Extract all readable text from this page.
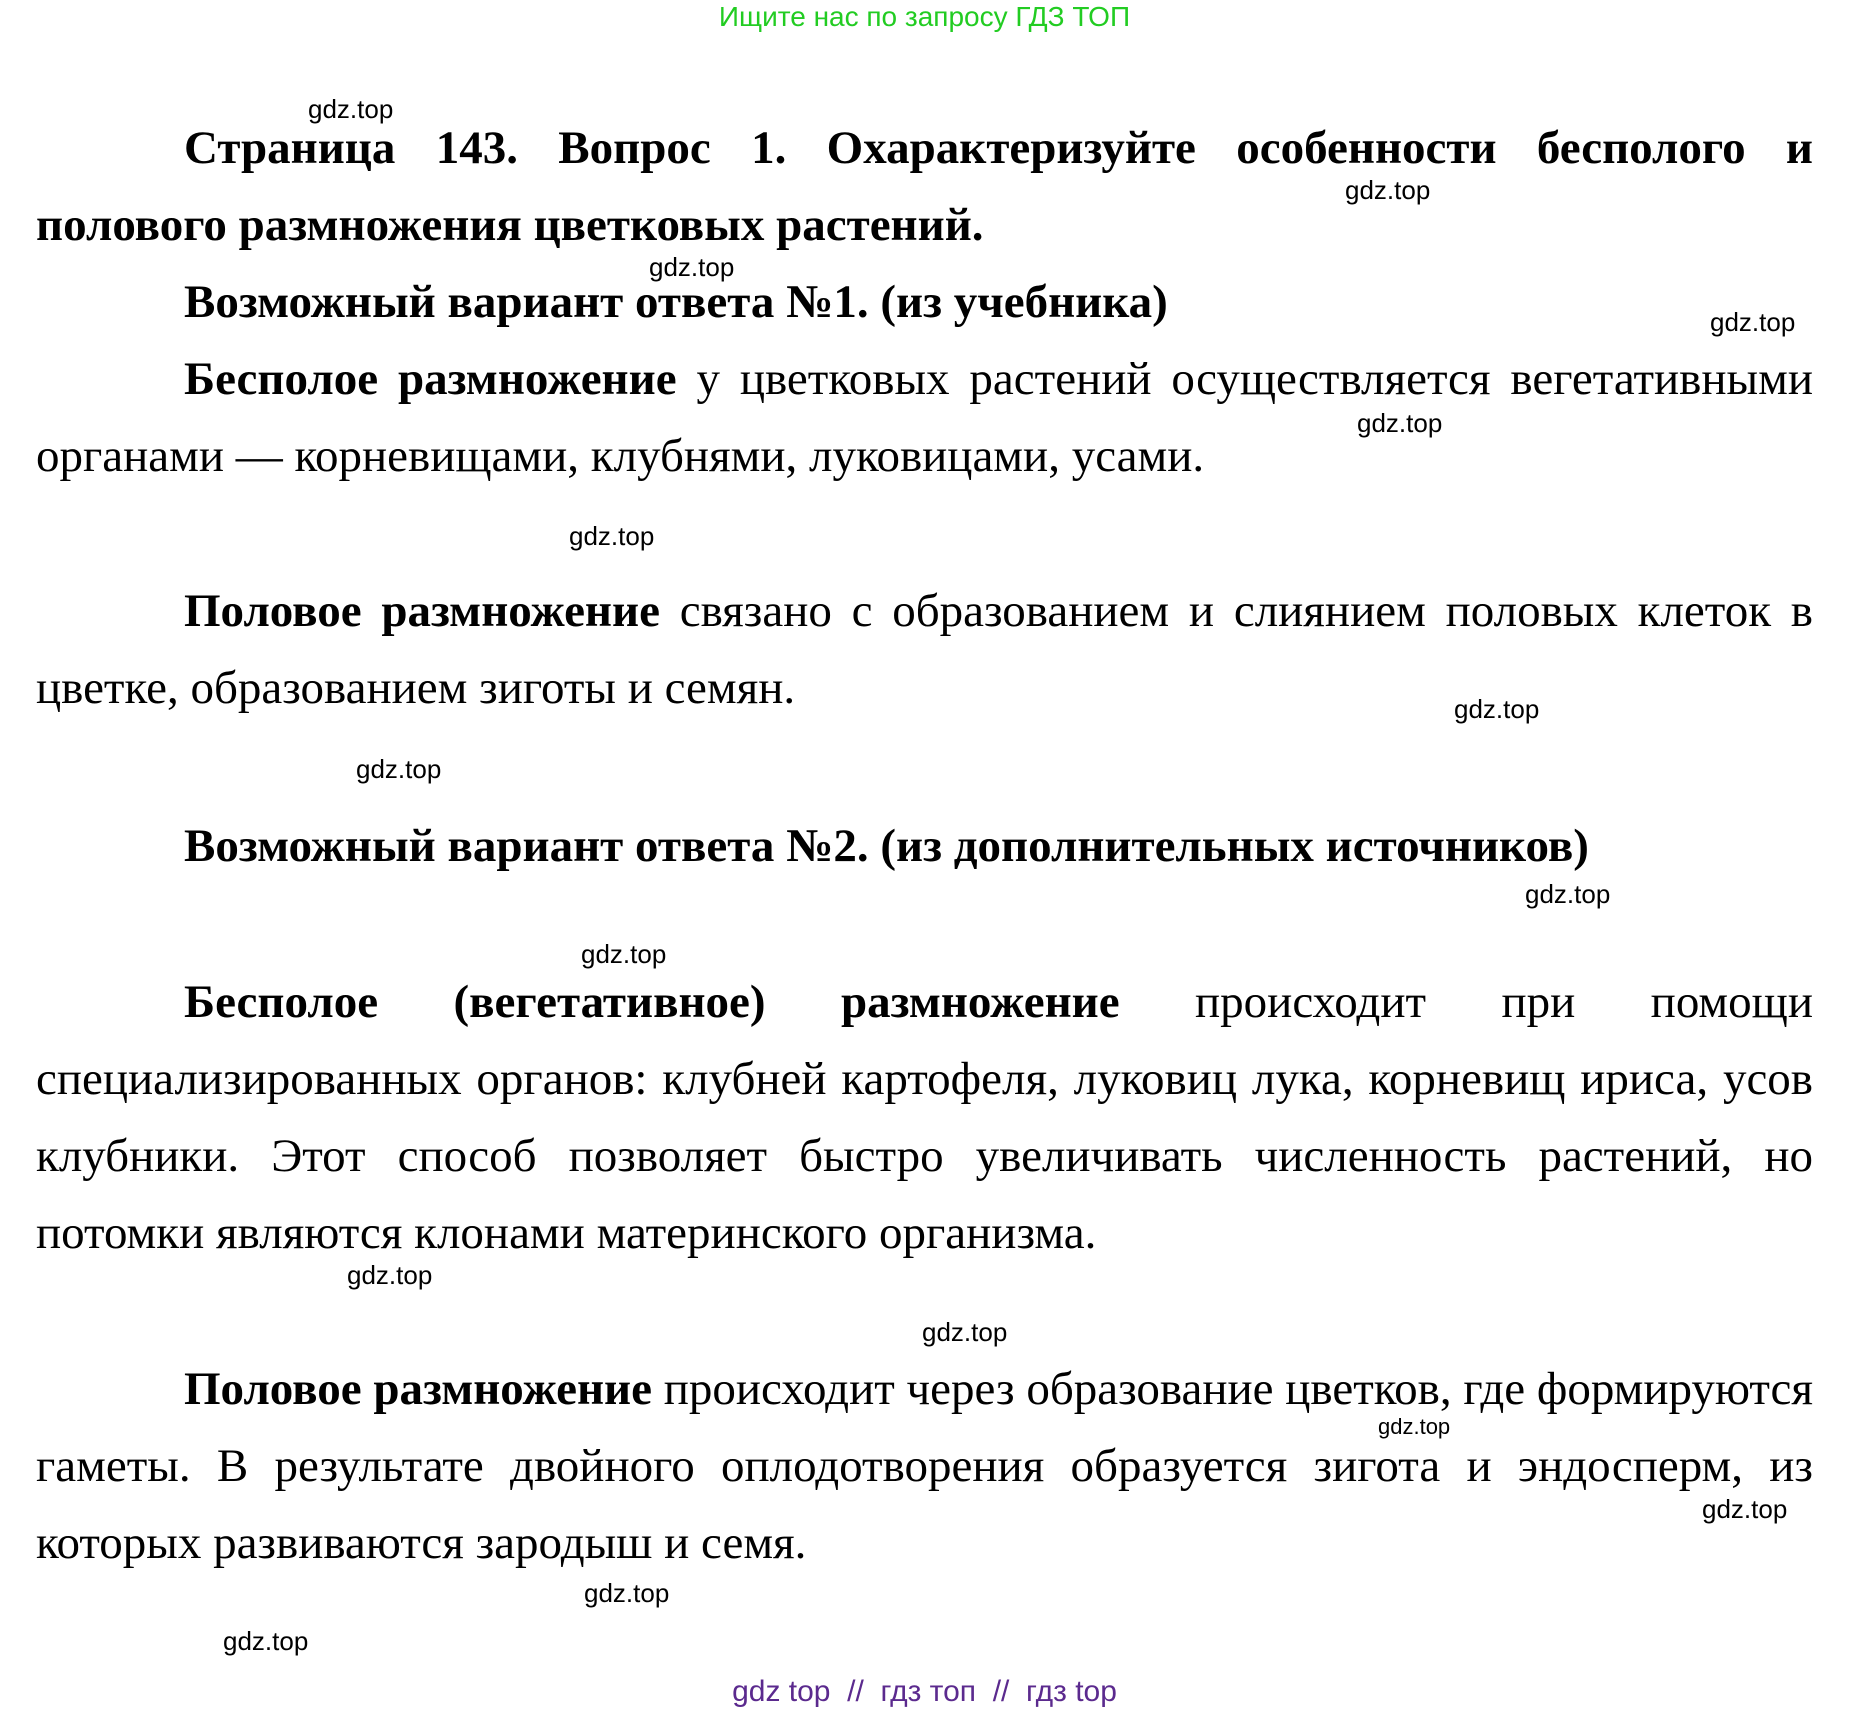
Ищите нас по запросу ГДЗ ТОП

Страница 143. Вопрос 1. Охарактеризуйте особенности бесполого и полового размножения цветковых растений.

Возможный вариант ответа №1. (из учебника)

Бесполое размножение у цветковых растений осуществляется вегетативными органами — корневищами, клубнями, луковицами, усами.

Половое размножение связано с образованием и слиянием половых клеток в цветке, образованием зиготы и семян.

Возможный вариант ответа №2. (из дополнительных источников)

Бесполое (вегетативное) размножение происходит при помощи специализированных органов: клубней картофеля, луковиц лука, корневищ ириса, усов клубники. Этот способ позволяет быстро увеличивать численность растений, но потомки являются клонами материнского организма.

Половое размножение происходит через образование цветков, где формируются гаметы. В результате двойного оплодотворения образуется зигота и эндосперм, из которых развиваются зародыш и семя.

gdz.top
gdz.top
gdz.top
gdz.top
gdz.top
gdz.top
gdz.top
gdz.top
gdz.top
gdz.top
gdz.top
gdz.top
gdz.top
gdz.top
gdz.top
gdz.top
gdz top  //  гдз топ  //  гдз top
